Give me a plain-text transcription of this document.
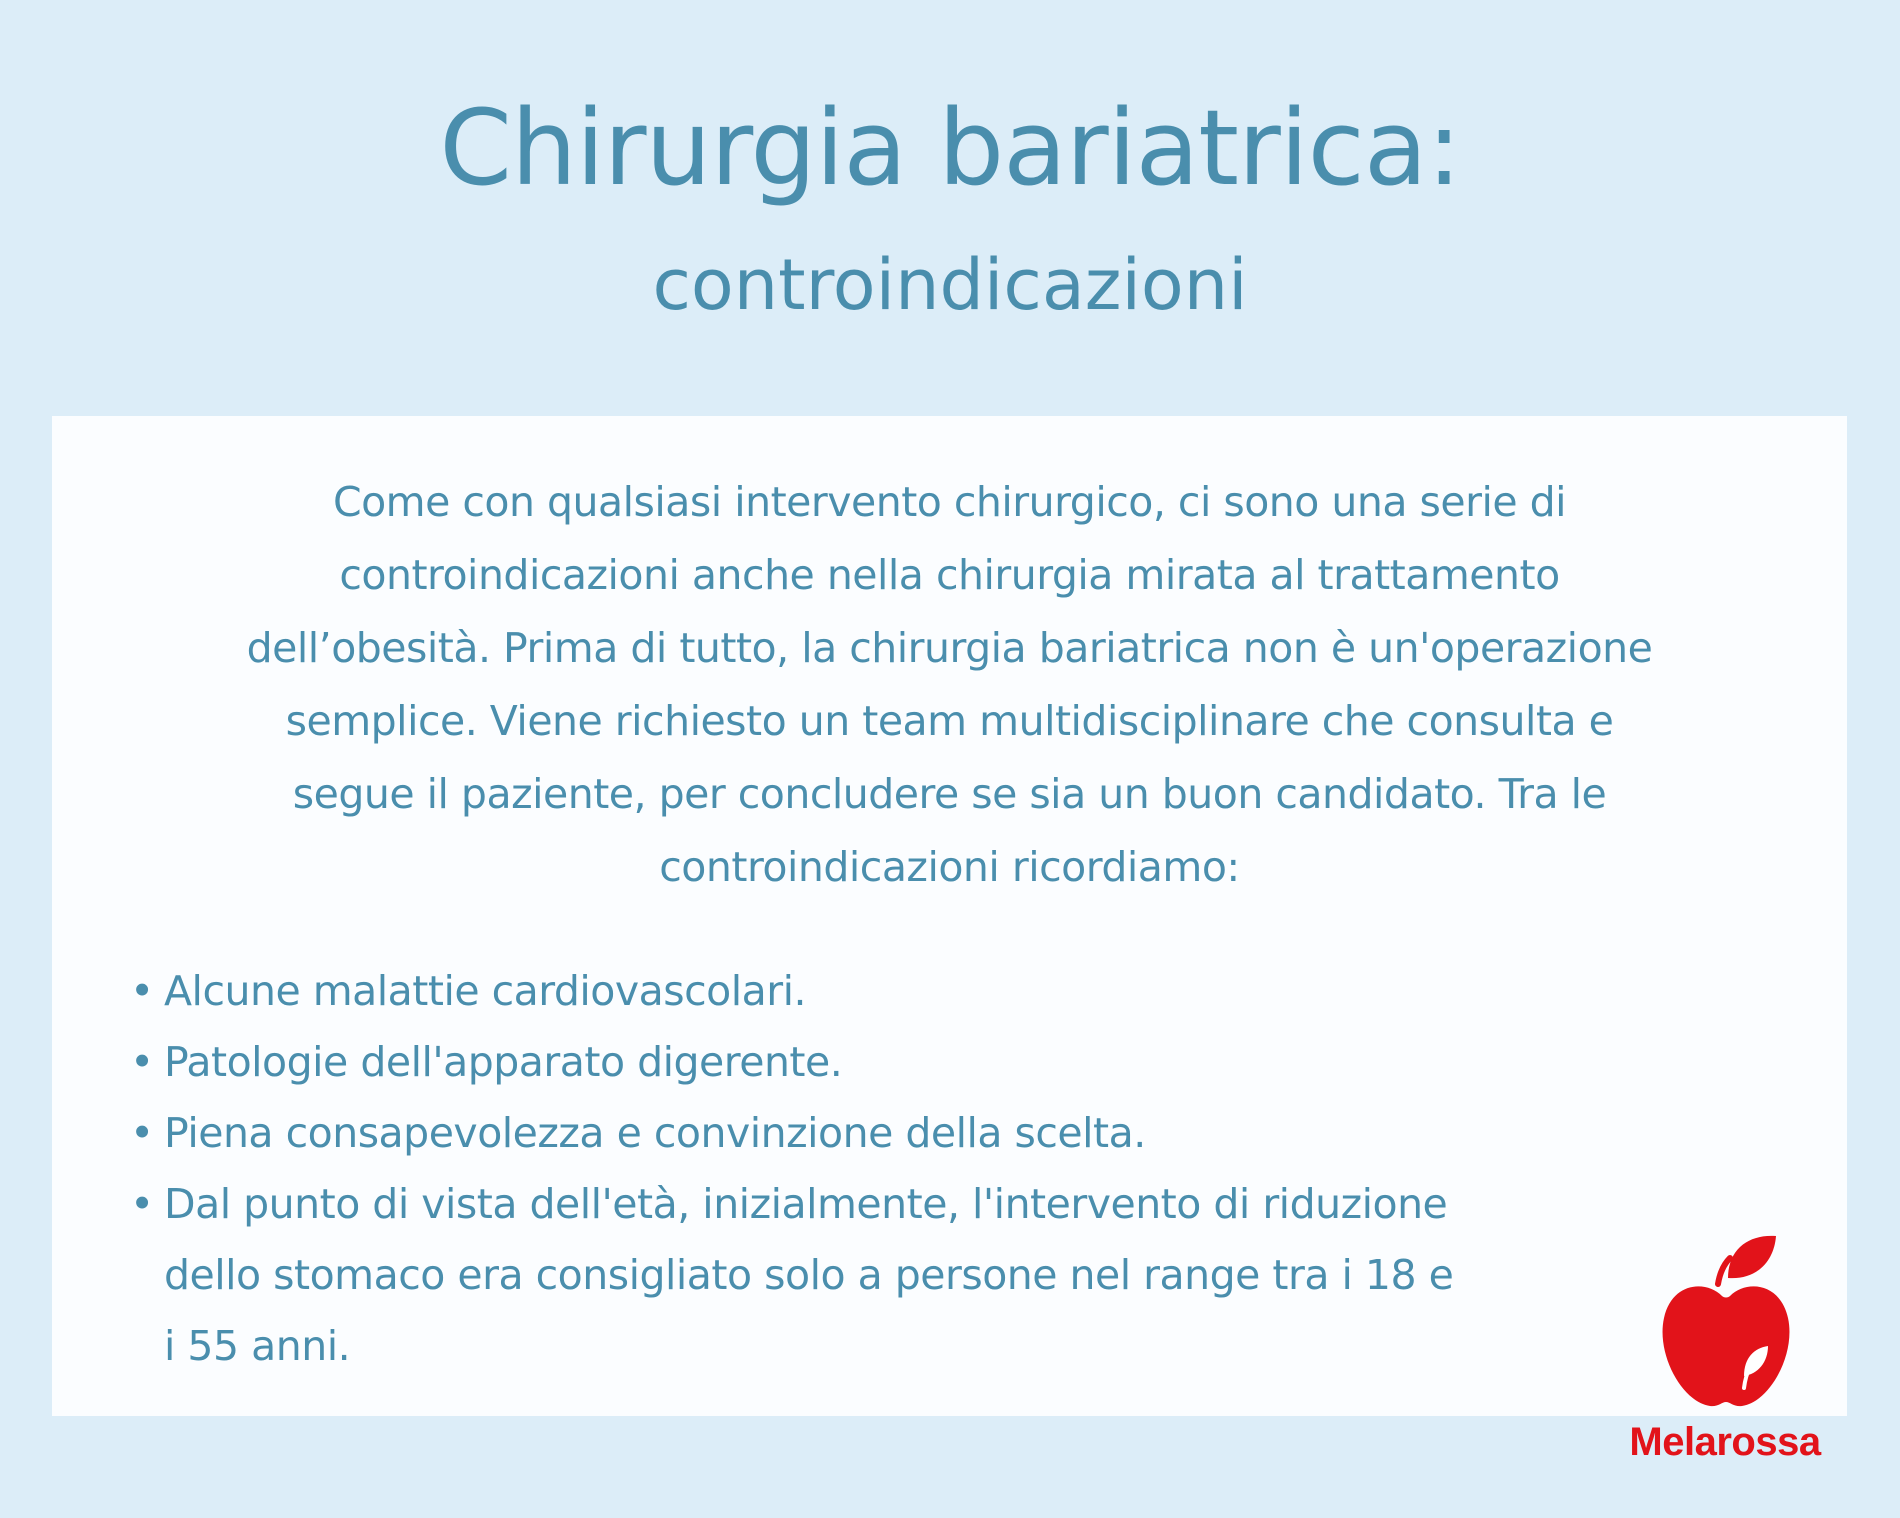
Chirurgia bariatrica:
controindicazioni
Come con qualsiasi intervento chirurgico, ci sono una serie di
controindicazioni anche nella chirurgia mirata al trattamento
dell’obesità. Prima di tutto, la chirurgia bariatrica non è un'operazione
semplice. Viene richiesto un team multidisciplinare che consulta e
segue il paziente, per concludere se sia un buon candidato. Tra le
controindicazioni ricordiamo:
• Alcune malattie cardiovascolari.
• Patologie dell'apparato digerente.
• Piena consapevolezza e convinzione della scelta.
• Dal punto di vista dell'età, inizialmente, l'intervento di riduzione
dello stomaco era consigliato solo a persone nel range tra i 18 e
i 55 anni.
Melarossa
